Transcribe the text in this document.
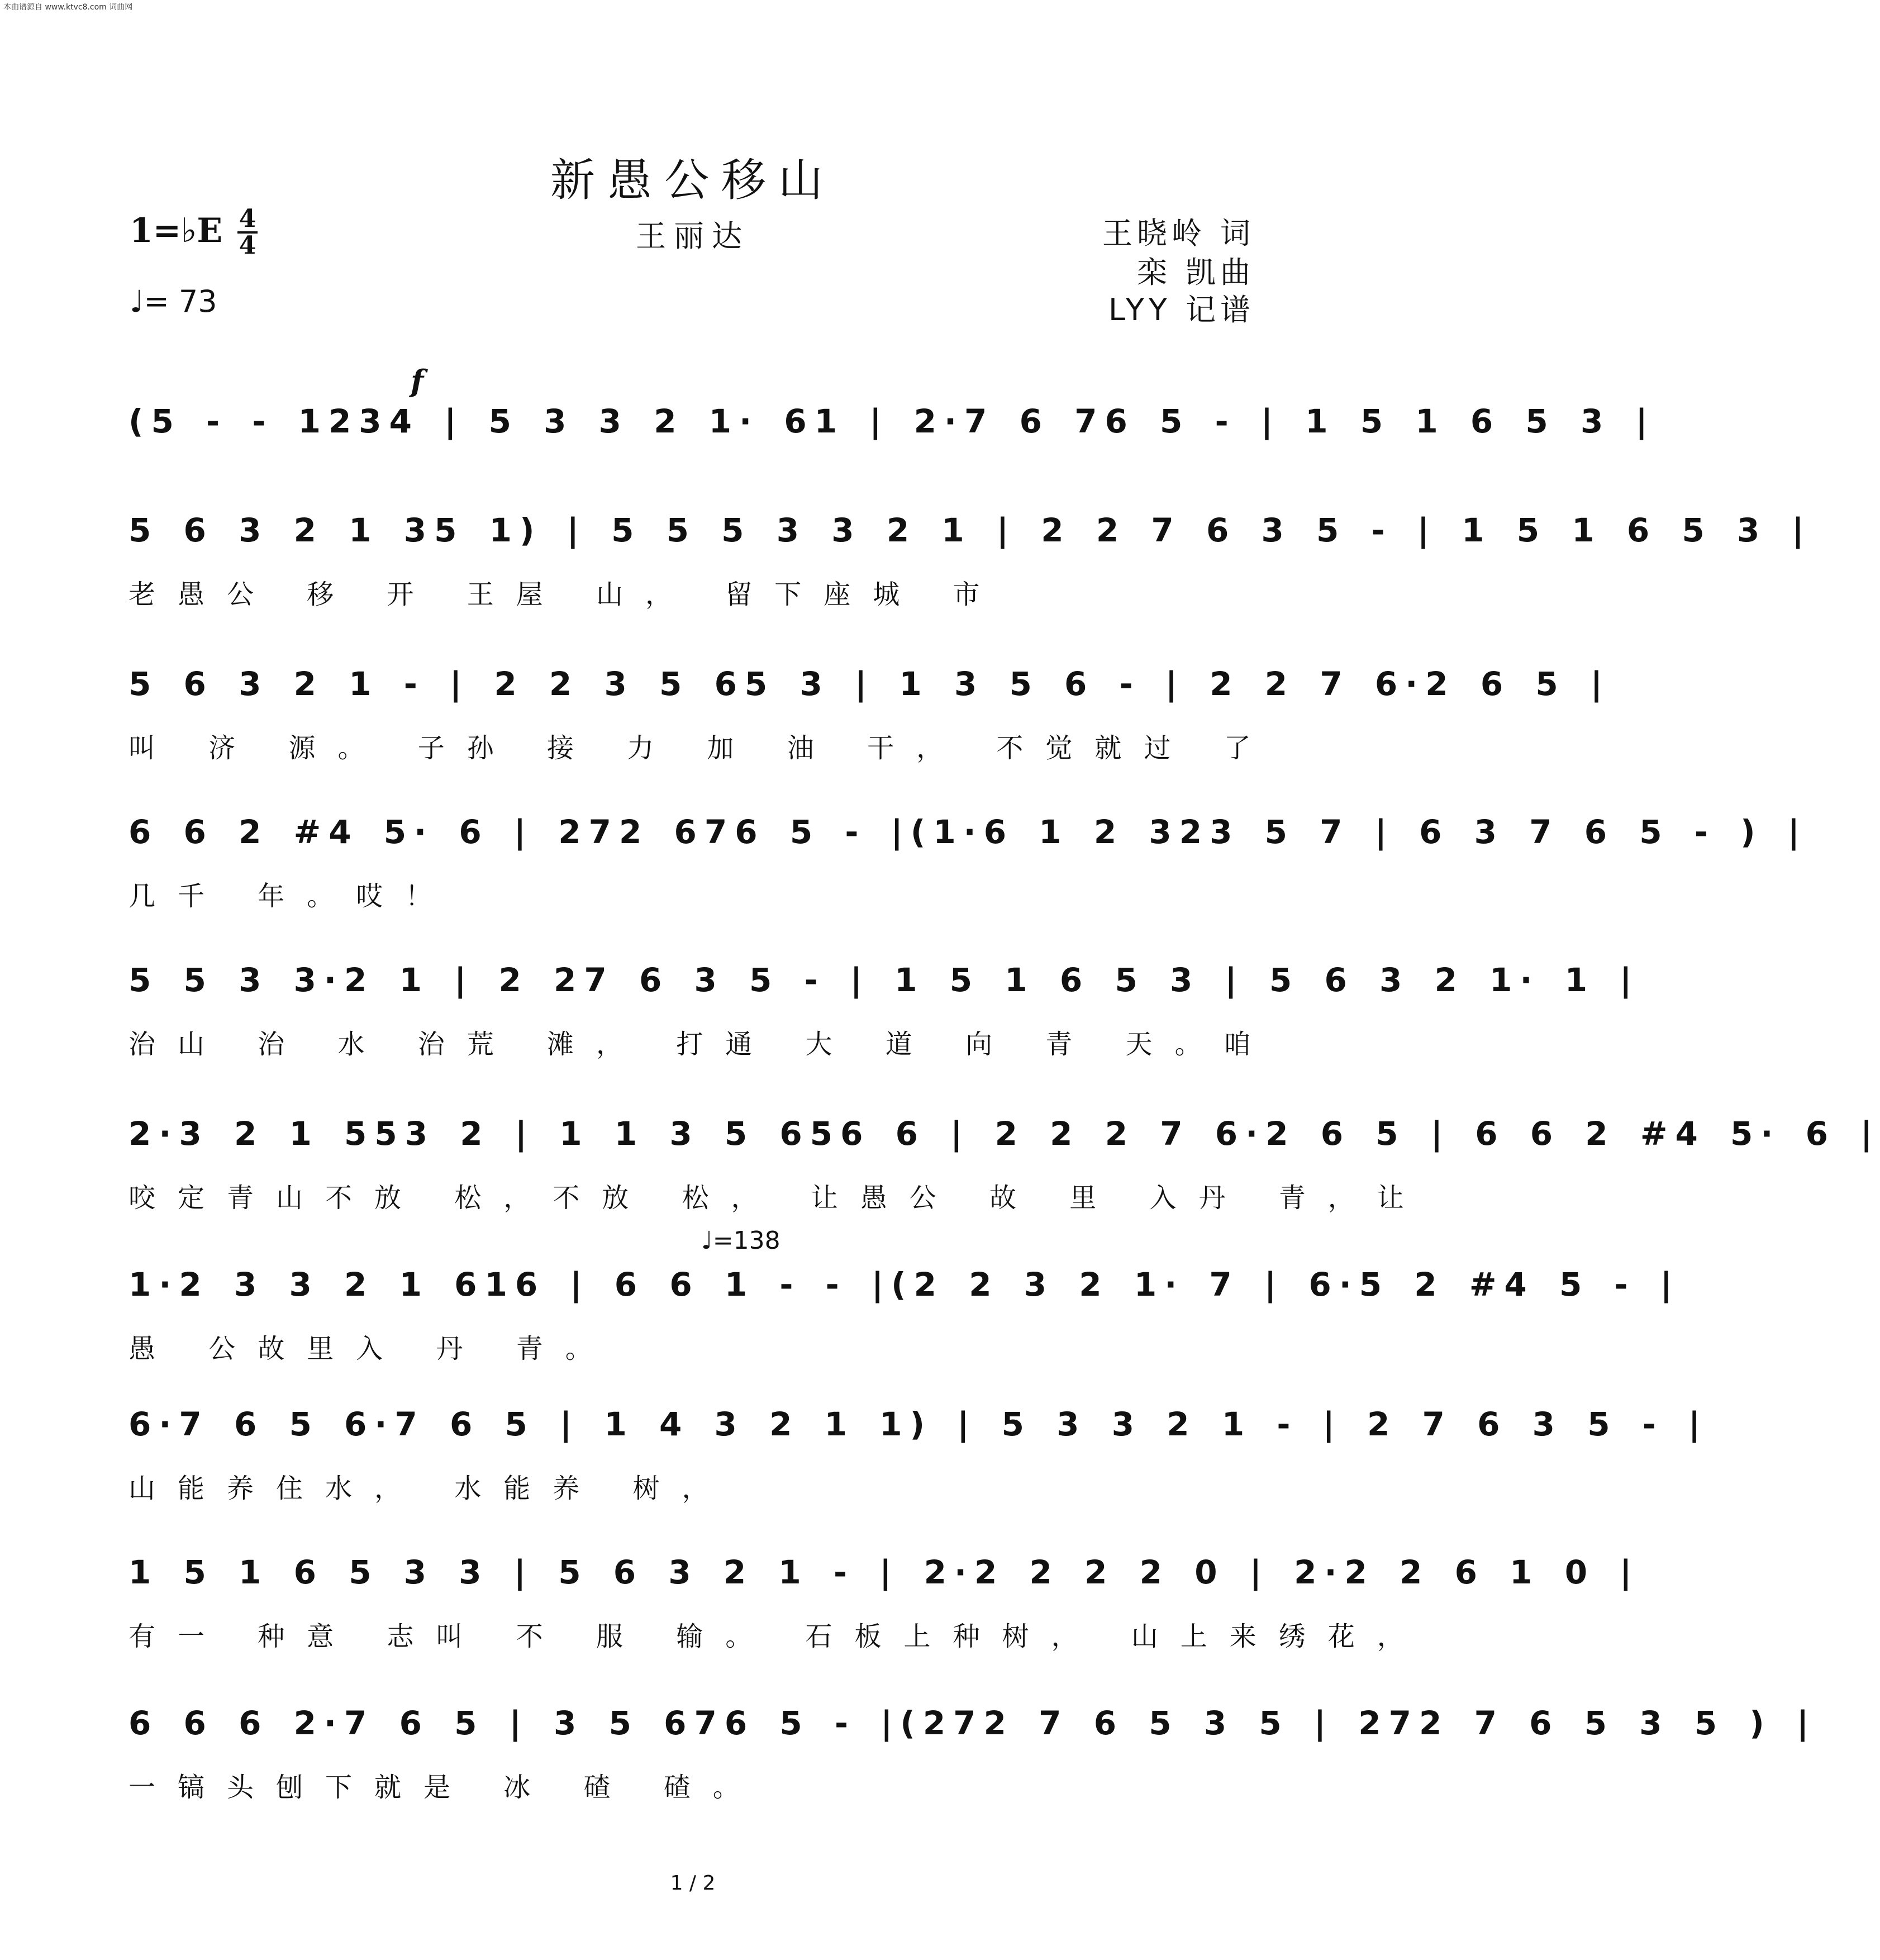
本曲谱源自 www.ktvc8.com 词曲网
新愚公移山
王丽达
1=♭E 4
4
♩= 73
王晓岭 词
栾 凯曲
LYY 记谱
f
(5 - - 1234 | 5 3 3 2 1· 61 | 2·7 6 76 5 - | 1 5 1 6 5 3 |
5 6 3 2 1 35 1) | 5 5 5 3 3 2 1 | 2 2 7 6 3 5 - | 1 5 1 6 5 3 |
老愚公 移 开 王屋 山， 留下座城 市
5 6 3 2 1 - | 2 2 3 5 65 3 | 1 3 5 6 - | 2 2 7 6·2 6 5 |
叫 济 源。 子孙 接 力 加 油 干， 不觉就过 了
6 6 2 #4 5· 6 | 272 676 5 - |(1·6 1 2 323 5 7 | 6 3 7 6 5 - ) |
几千 年。哎！
5 5 3 3·2 1 | 2 27 6 3 5 - | 1 5 1 6 5 3 | 5 6 3 2 1· 1 |
治山 治 水 治荒 滩， 打通 大 道 向 青 天。咱
2·3 2 1 553 2 | 1 1 3 5 656 6 | 2 2 2 7 6·2 6 5 | 6 6 2 #4 5· 6 |
咬定青山不放 松，不放 松， 让愚公 故 里 入丹 青，让
♩=138
1·2 3 3 2 1 616 | 6 6 1 - - |(2 2 3 2 1· 7 | 6·5 2 #4 5 - |
愚 公故里入 丹 青。
6·7 6 5 6·7 6 5 | 1 4 3 2 1 1) | 5 3 3 2 1 - | 2 7 6 3 5 - |
山能养住水， 水能养 树，
1 5 1 6 5 3 3 | 5 6 3 2 1 - | 2·2 2 2 2 0 | 2·2 2 6 1 0 |
有一 种意 志叫 不 服 输。 石板上种树， 山上来绣花，
6 6 6 2·7 6 5 | 3 5 676 5 - |(272 7 6 5 3 5 | 272 7 6 5 3 5 ) |
一镐头刨下就是 冰 碴 碴。
1 / 2
